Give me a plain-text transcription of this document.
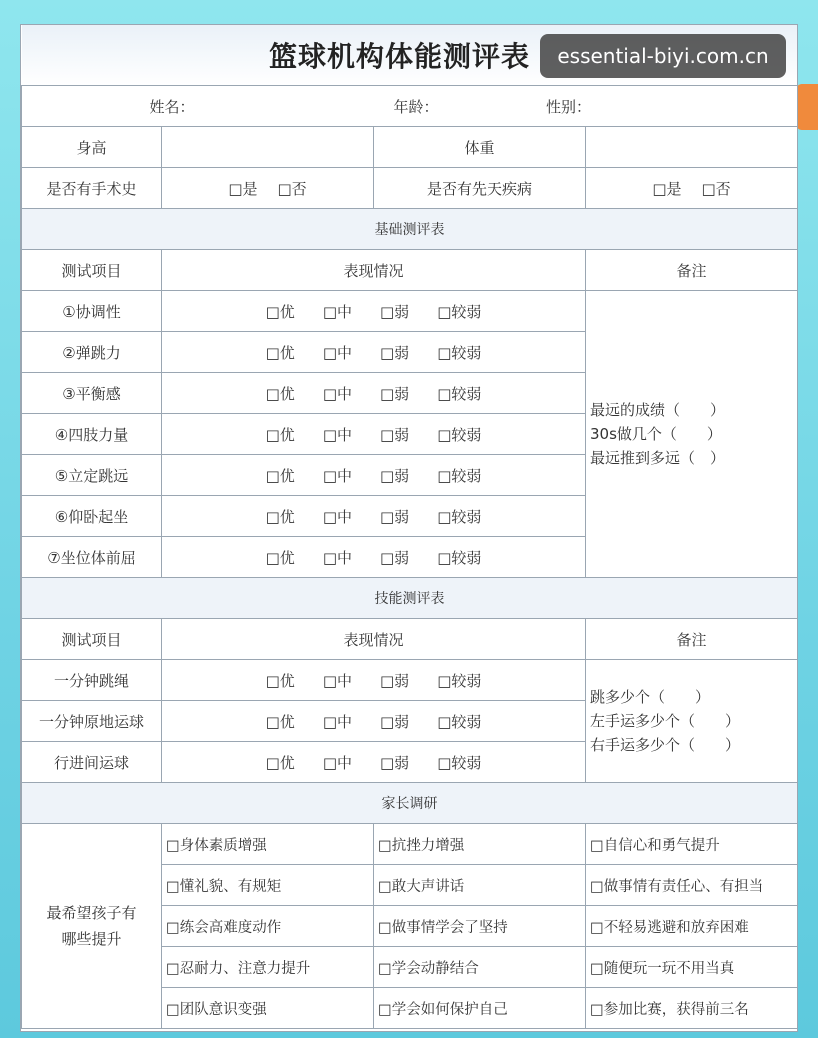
篮球机构体能测评表			

姓名： 年龄： 性别：			

身高		体重	
是否有手术史	□是 □否	是否有先天疾病	□是 □否
基础测评表			
测试项目	表现情况		备注
①协调性	□优 □中 □弱 □较弱		最远的成绩（　　）
30s做几个（　　）
最远推到多远（　）

②弹跳力	□优 □中 □弱 □较弱		
③平衡感	□优 □中 □弱 □较弱		
④四肢力量	□优 □中 □弱 □较弱		
⑤立定跳远	□优 □中 □弱 □较弱		
⑥仰卧起坐	□优 □中 □弱 □较弱		
⑦坐位体前屈	□优 □中 □弱 □较弱		
技能测评表			
测试项目	表现情况		备注
一分钟跳绳	□优 □中 □弱 □较弱		跳多少个（　　）
左手运多少个（　　）
右手运多少个（　　）

一分钟原地运球	□优 □中 □弱 □较弱		
行进间运球	□优 □中 □弱 □较弱		
家长调研			
最希望孩子有哪些提升	□身体素质增强	□抗挫力增强	□自信心和勇气提升
	□懂礼貌、有规矩	□敢大声讲话	□做事情有责任心、有担当
	□练会高难度动作	□做事情学会了坚持	□不轻易逃避和放弃困难
	□忍耐力、注意力提升	□学会动静结合	□随便玩一玩不用当真
	□团队意识变强	□学会如何保护自己	□参加比赛，获得前三名
essential-biyi.com.cn
